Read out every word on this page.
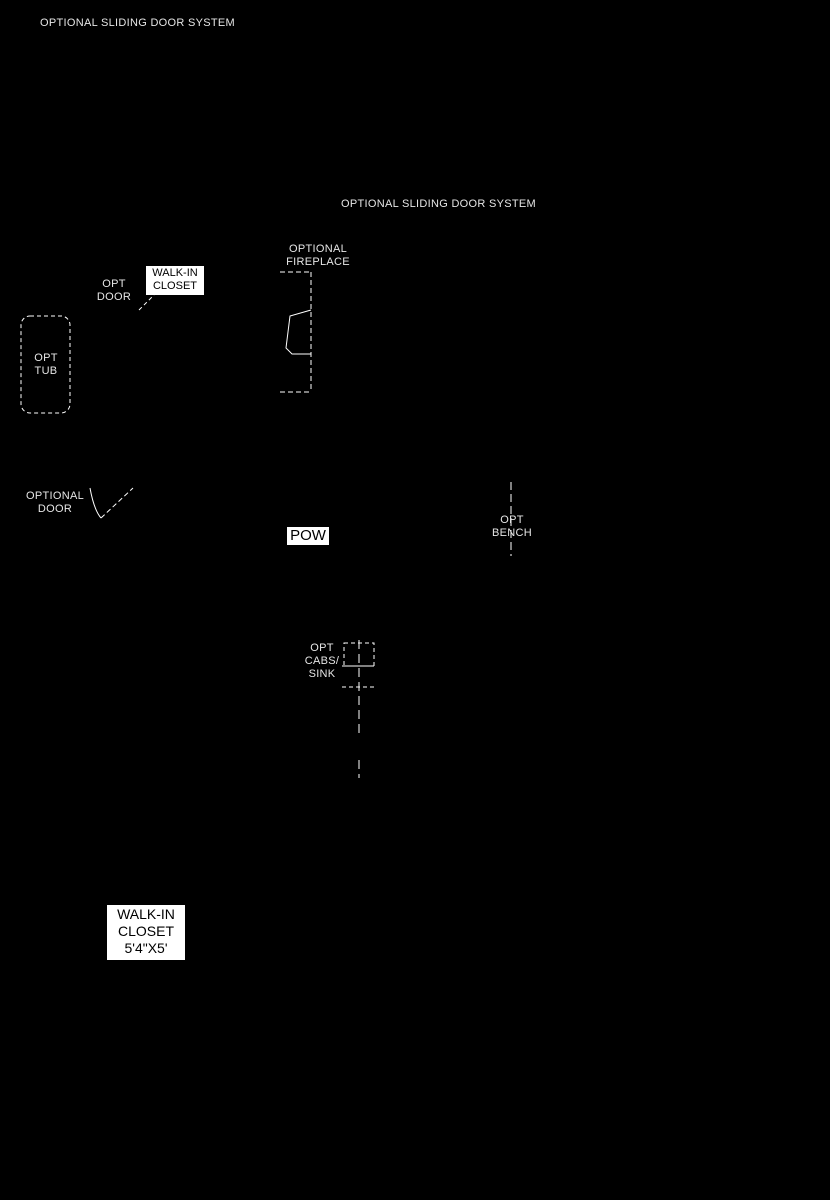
OPTIONAL SLIDING DOOR SYSTEM
OPTIONAL SLIDING DOOR SYSTEM
OPTIONAL
FIREPLACE
OPT
DOOR
OPT
TUB
OPTIONAL
DOOR
OPT
BENCH
OPT
CABS/
SINK
WALK-IN
CLOSET
POW
WALK-IN
CLOSET
5'4"X5'
